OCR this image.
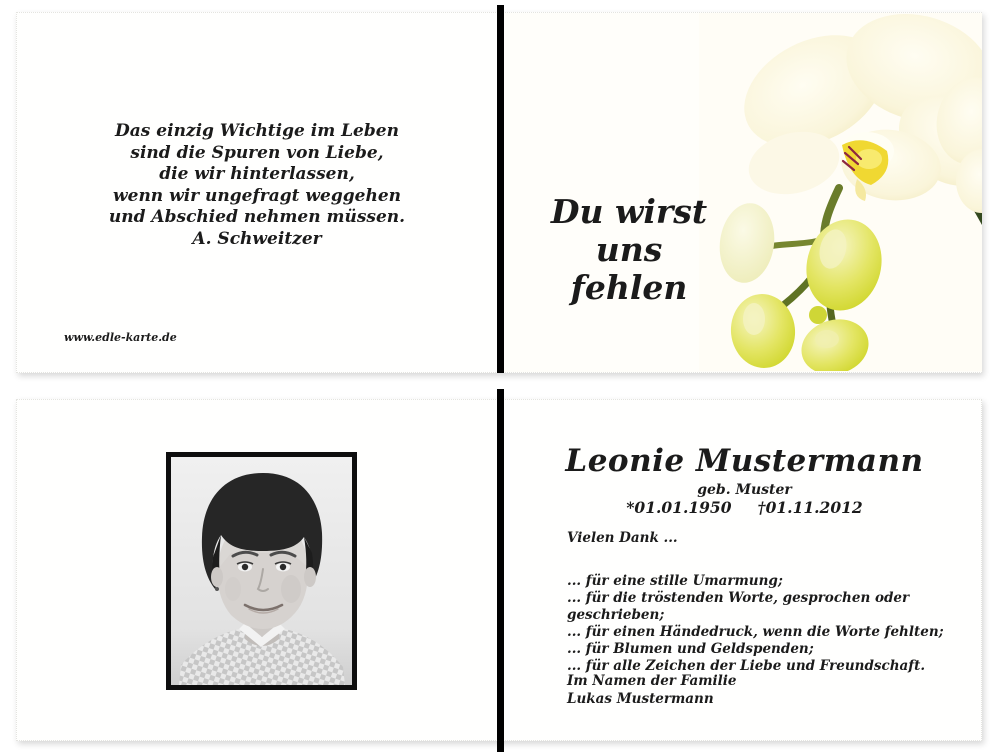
Das einzig Wichtige im Leben
sind die Spuren von Liebe,
die wir hinterlassen,
wenn wir ungefragt weggehen
und Abschied nehmen müssen.
A. Schweitzer
www.edle-karte.de
Du wirst
uns
fehlen
Leonie Mustermann
geb. Muster
*01.01.1950 †01.11.2012
Vielen Dank ...
... für eine stille Umarmung;
... für die tröstenden Worte, gesprochen oder geschrieben;
... für einen Händedruck, wenn die Worte fehlten;
... für Blumen und Geldspenden;
... für alle Zeichen der Liebe und Freundschaft.
Im Namen der Familie
Lukas Mustermann
